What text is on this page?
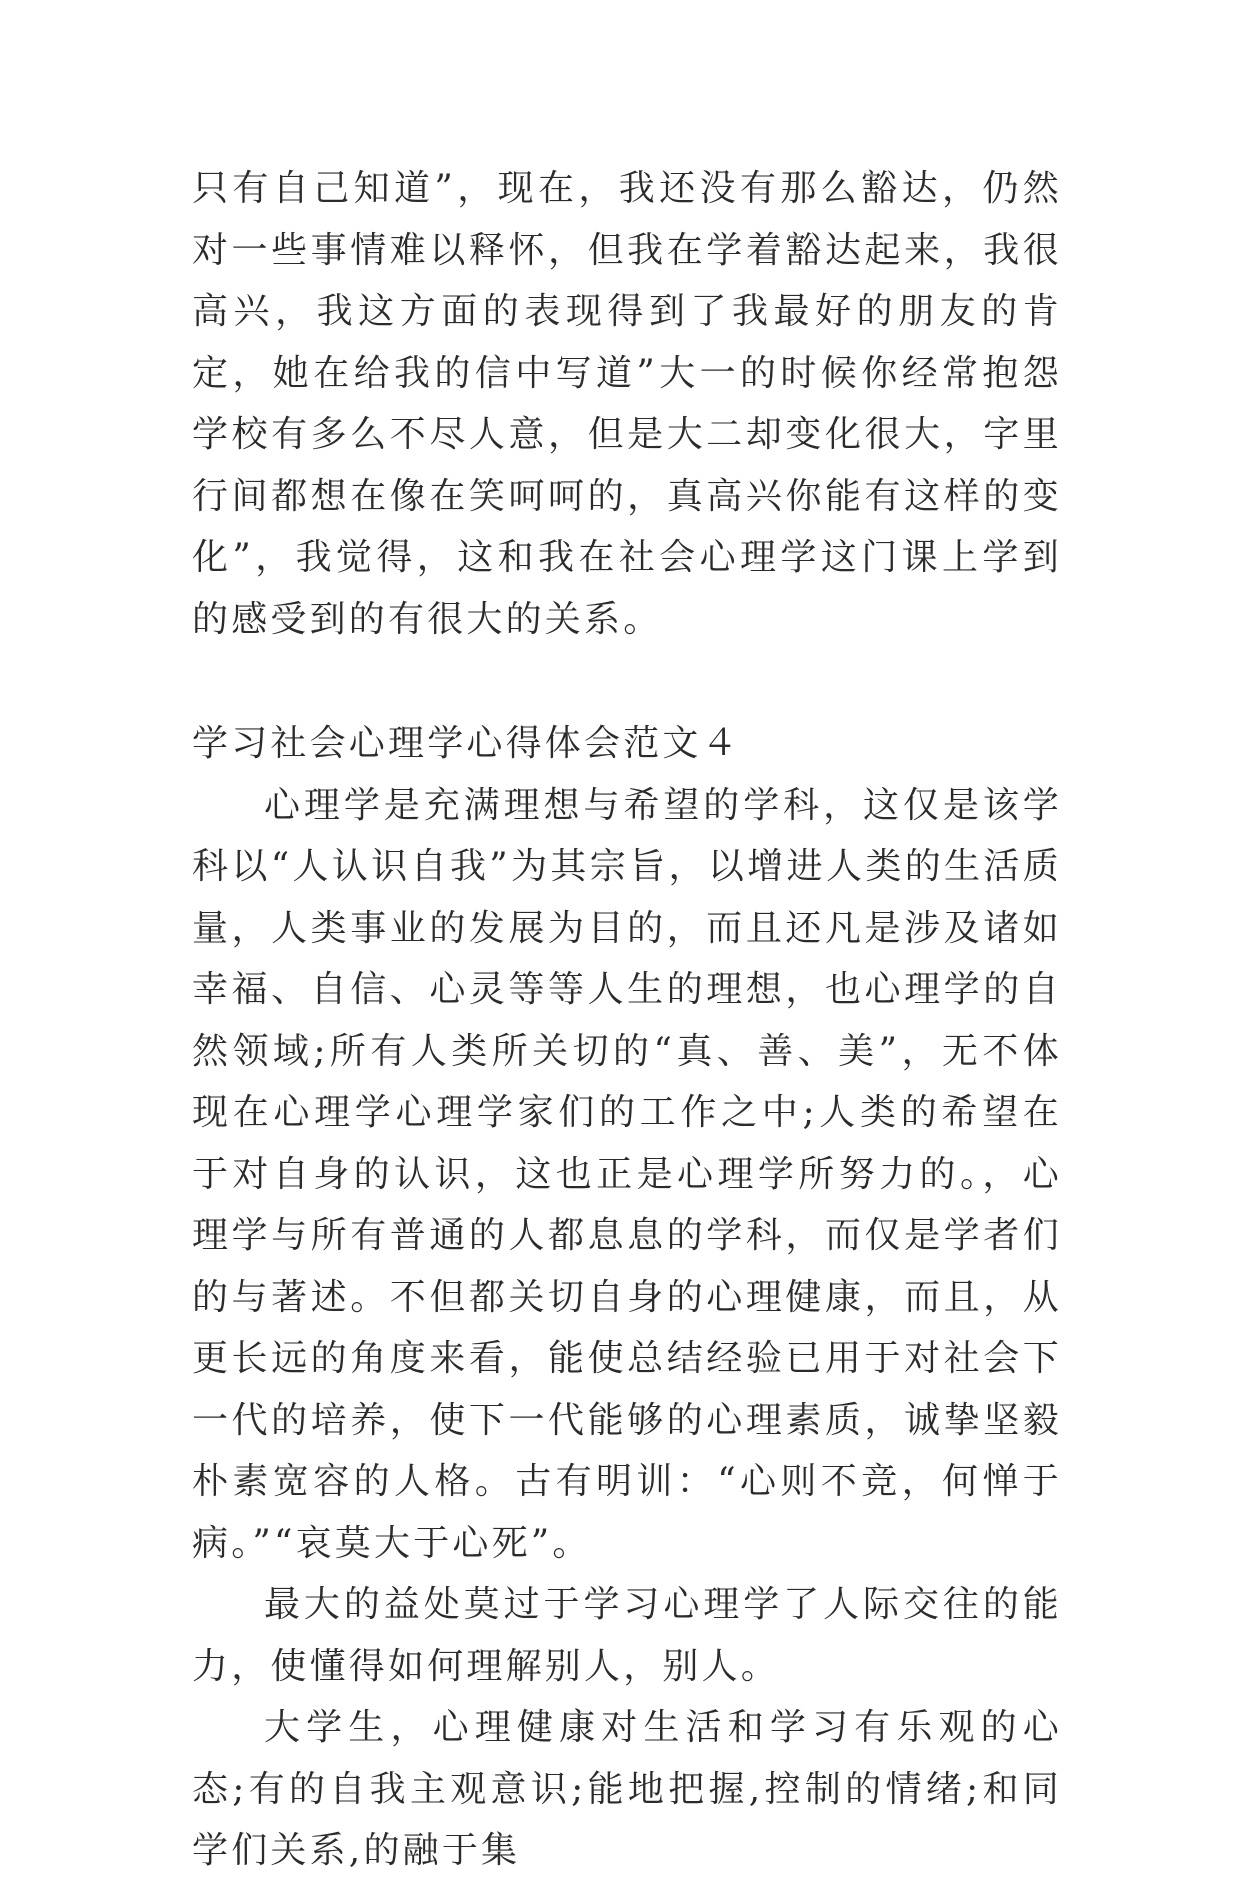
只有自己知道”，现在，我还没有那么豁达，仍然对一些事情难以释怀，但我在学着豁达起来，我很高兴，我这方面的表现得到了我最好的朋友的肯定，她在给我的信中写道”大一的时候你经常抱怨学校有多么不尽人意，但是大二却变化很大，字里行间都想在像在笑呵呵的，真高兴你能有这样的变化”，我觉得，这和我在社会心理学这门课上学到的感受到的有很大的关系。

学习社会心理学心得体会范文４

心理学是充满理想与希望的学科，这仅是该学科以“人认识自我”为其宗旨，以增进人类的生活质量，人类事业的发展为目的，而且还凡是涉及诸如幸福、自信、心灵等等人生的理想，也心理学的自然领域;所有人类所关切的“真、善、美”，无不体现在心理学心理学家们的工作之中;人类的希望在于对自身的认识，这也正是心理学所努力的。，心理学与所有普通的人都息息的学科，而仅是学者们的与著述。不但都关切自身的心理健康，而且，从更长远的角度来看，能使总结经验已用于对社会下一代的培养，使下一代能够的心理素质，诚挚坚毅朴素宽容的人格。古有明训：“心则不竞，何惮于病。”“哀莫大于心死”。

最大的益处莫过于学习心理学了人际交往的能力，使懂得如何理解别人，别人。

大学生，心理健康对生活和学习有乐观的心态;有的自我主观意识;能地把握,控制的情绪;和同学们关系,的融于集
